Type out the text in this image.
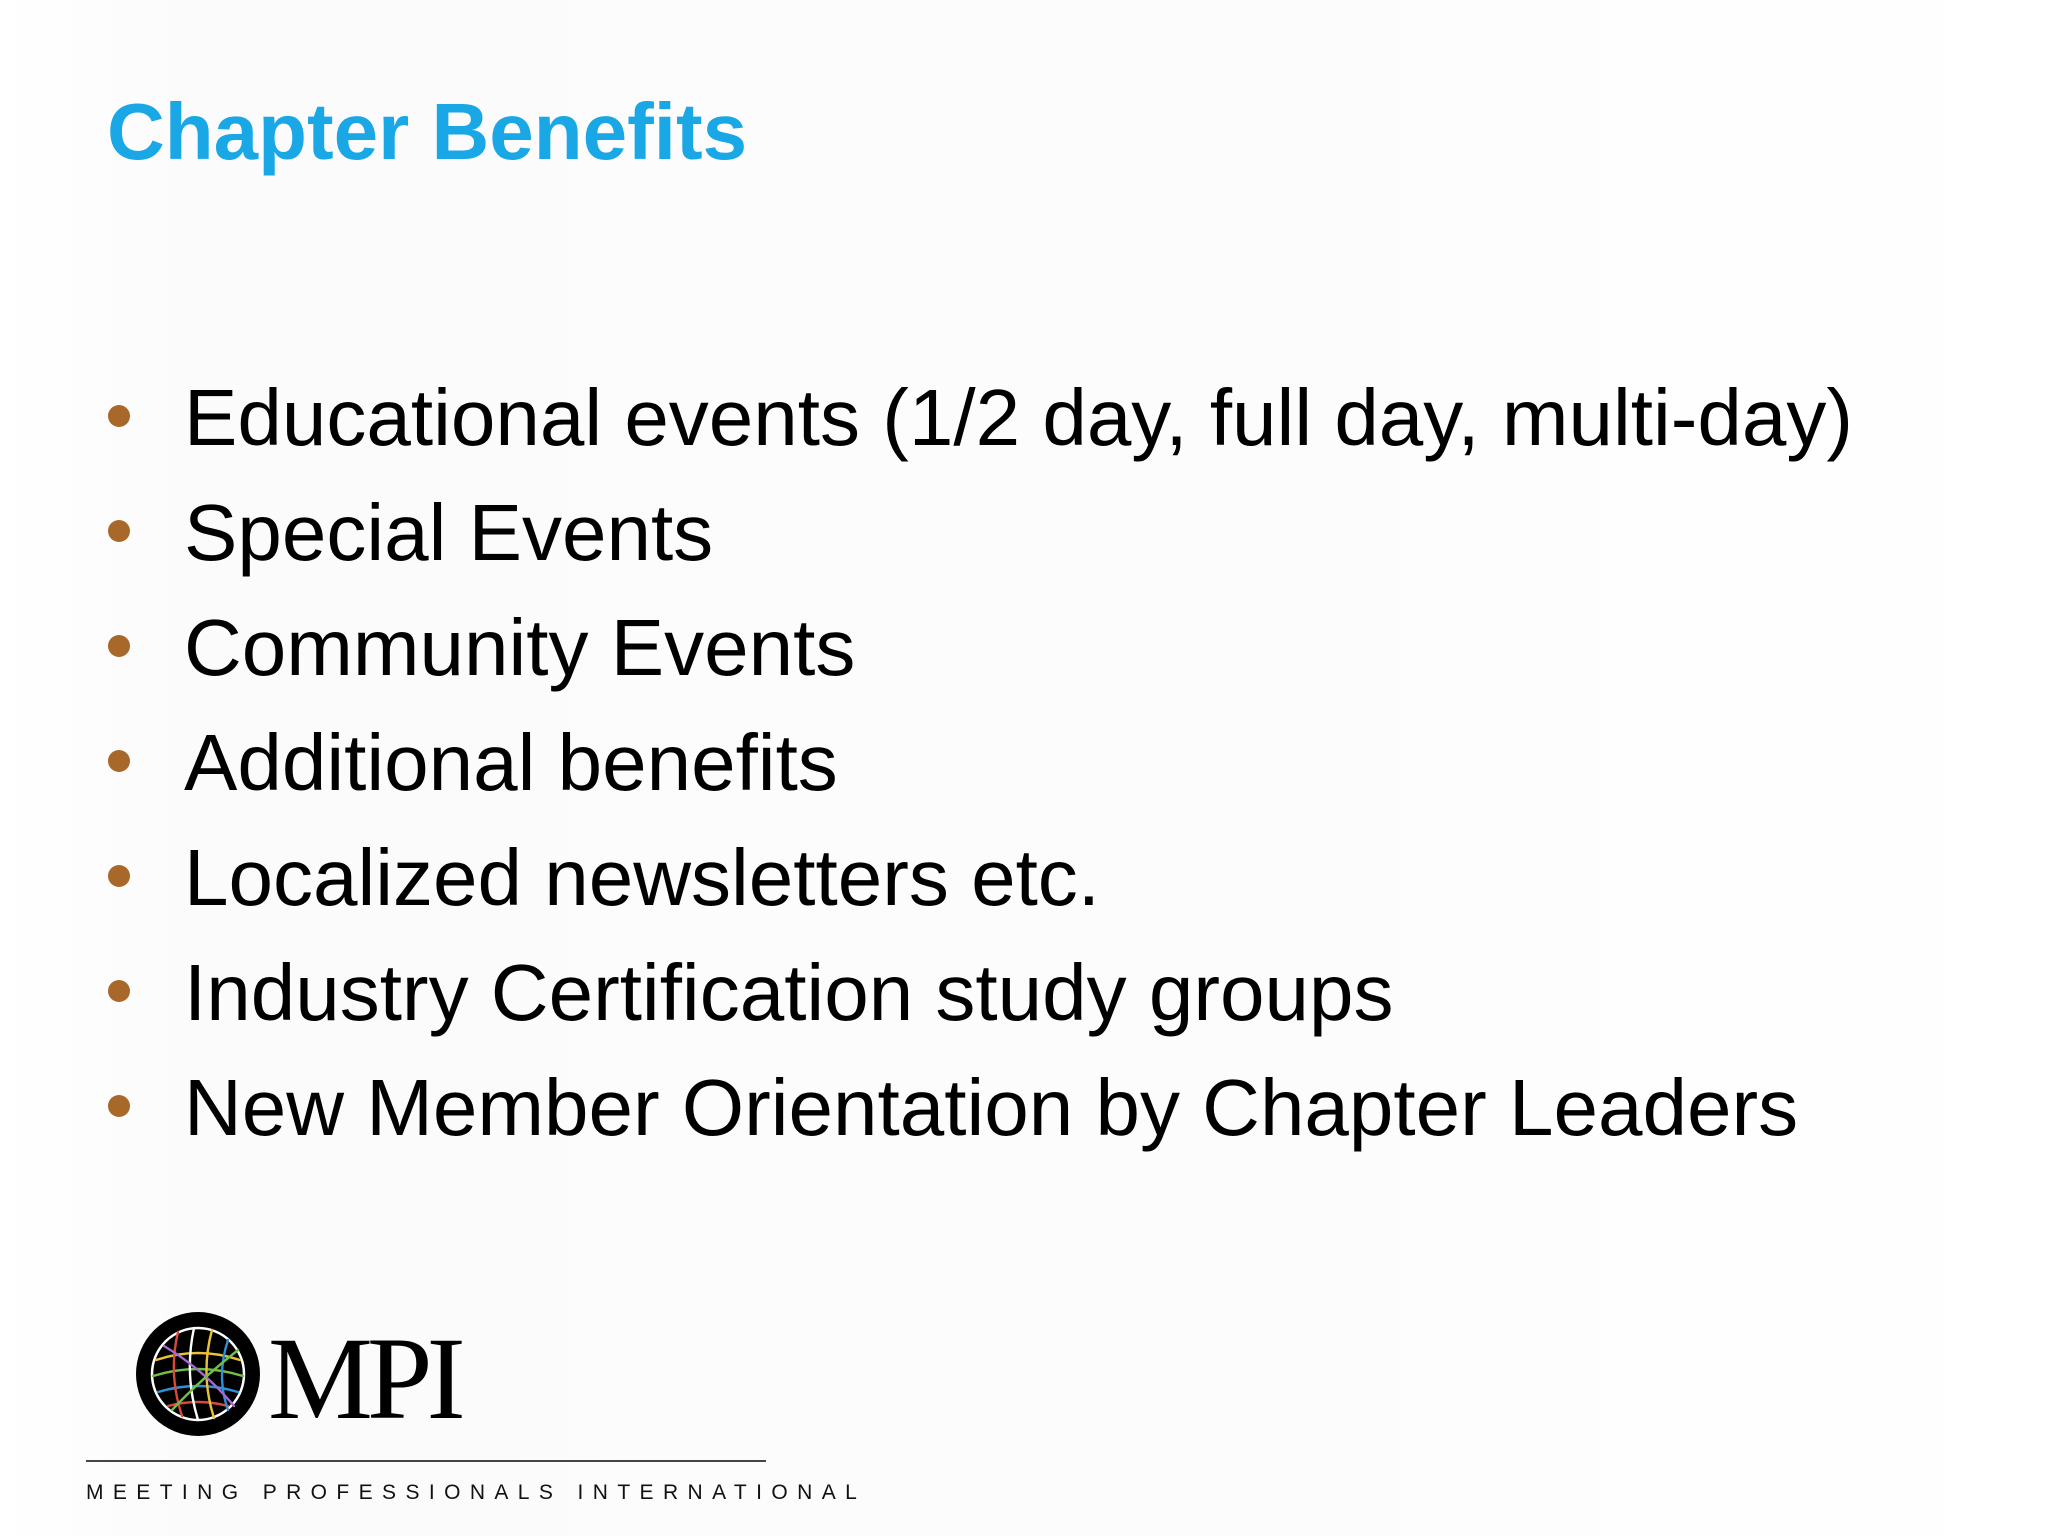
Chapter Benefits
Educational events (1/2 day, full day, multi-day)
Special Events
Community Events
Additional benefits
Localized newsletters etc.
Industry Certification study groups
New Member Orientation by Chapter Leaders
MPI
MEETING PROFESSIONALS INTERNATIONAL
